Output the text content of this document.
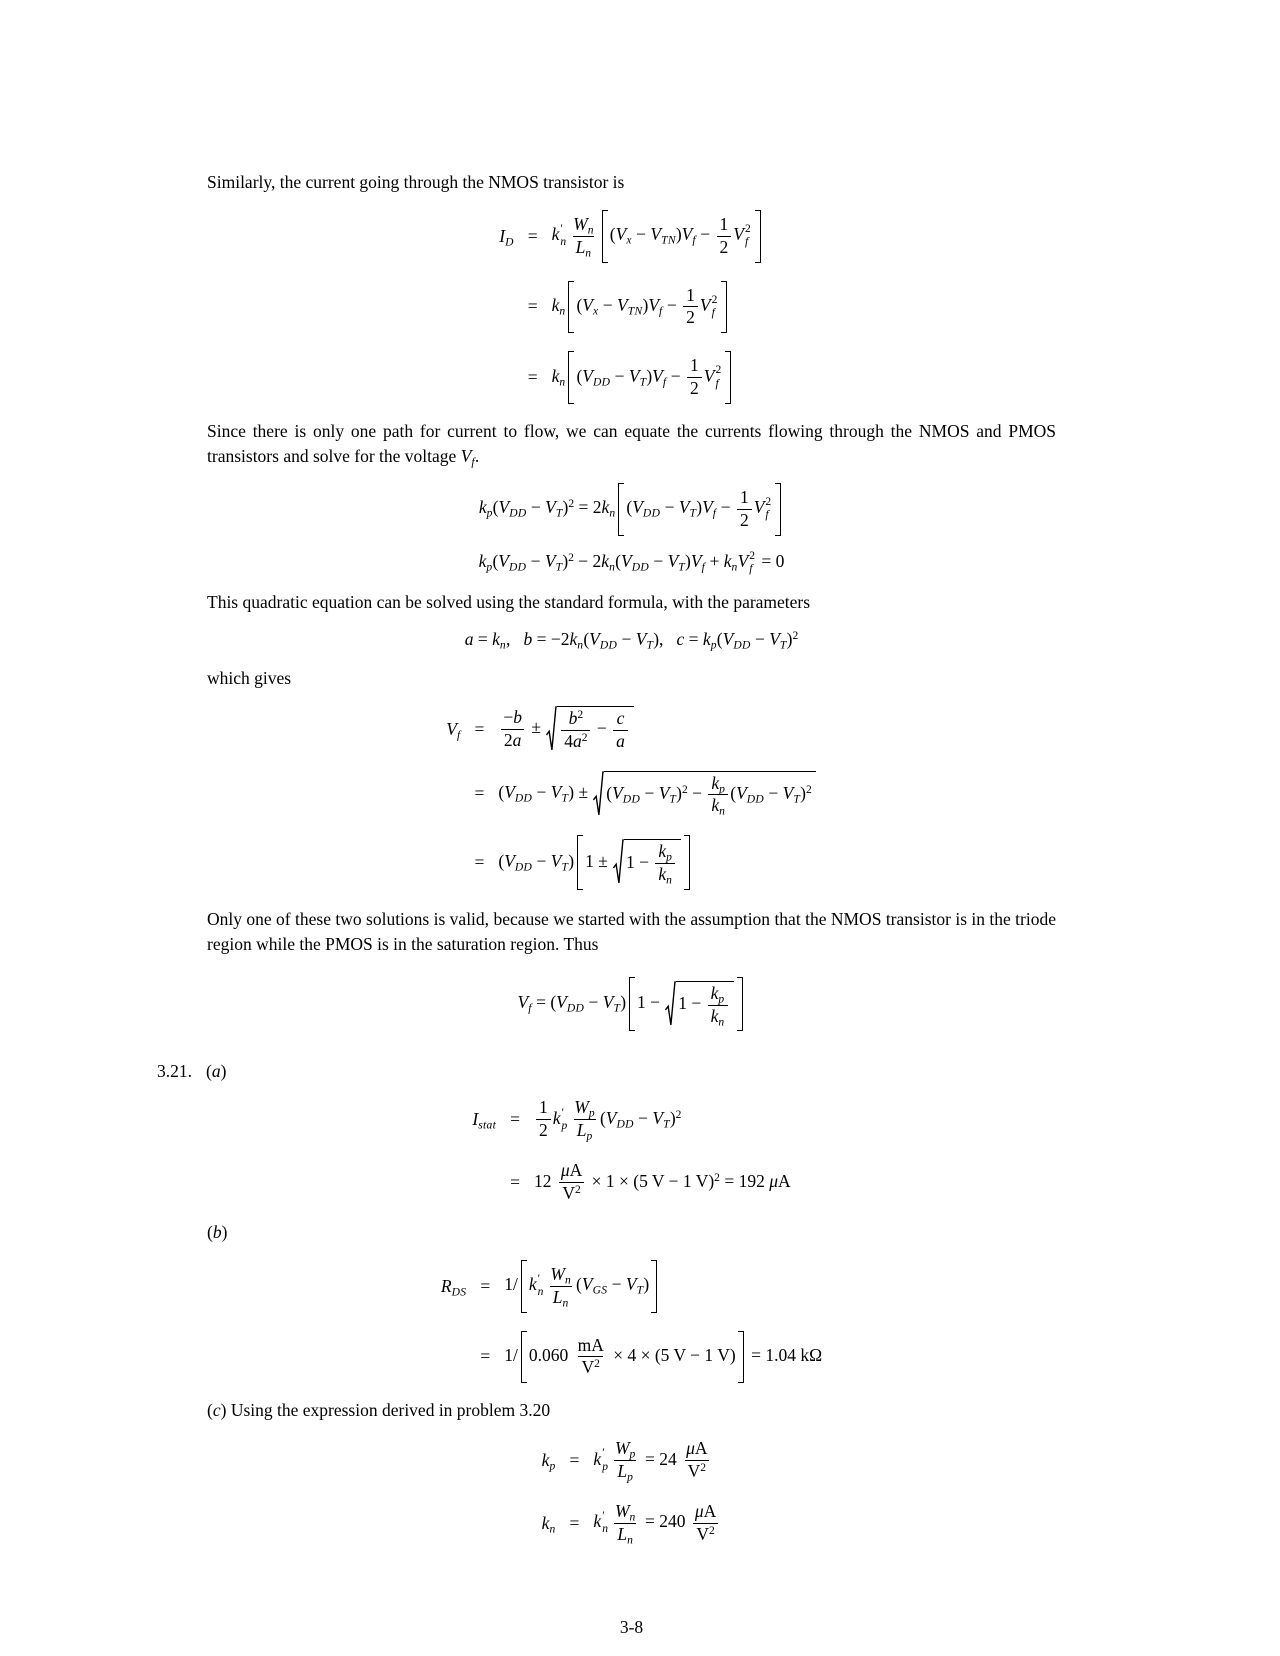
Similarly, the current going through the NMOS transistor is

$I_D$	=	k ′
n $\frac{W_n}{L_n} (V_x - V_{TN})V_f - \frac{1}{2}$ V 2
f

	=	$k_n$ $(V_x - V_{TN})V_f - \frac{1}{2}$ V 2
f

	=	$k_n$ $(V_{DD} - V_T)V_f - \frac{1}{2}$ V 2
f

Since there is only one path for current to flow, we can equate the currents flowing through the NMOS and PMOS transistors and solve for the voltage $V_f$.

$k_p(V_{DD} - V_T)^2 = 2k_n$ $(V_{DD} - V_T)V_f - \frac{1}{2}$ V 2
f
$k_p(V_{DD} - V_T)^2 - 2k_n(V_{DD} - V_T)V_f + k_nV$ 2
f = 0

This quadratic equation can be solved using the standard formula, with the parameters

$a = k_n$,  $b = -2k_n(V_{DD} - V_T)$,  $c = k_p(V_{DD} - V_T)^2$

which gives

$V_f$	=	$\frac{-b}{2a} \pm \frac{b^2}{4a^2} - \frac{c}{a}$

	=	$(V_{DD} - V_T) \pm (V_{DD} - V_T)^2 - \frac{k_p}{k_n} (V_{DD} - V_T)^2$

	=	$(V_{DD} - V_T) 1 \pm 1 - \frac{k_p}{k_n}$

Only one of these two solutions is valid, because we started with the assumption that the NMOS transistor is in the triode region while the PMOS is in the saturation region. Thus

$V_f = (V_{DD} - V_T) 1 - 1 - \frac{k_p}{k_n}$
3.21. (a)
$I_{stat}$	=	$\frac{1}{2}$ k ′
p $\frac{W_p}{L_p} (V_{DD} - V_T)^2$
	=	$12 \frac{\mu A}{V^2} \times 1 \times (5$ V − 1 V)$^2$ = 192 μA

(b)

$R_{DS}$	=	1/ k ′
n $\frac{W_n}{L_n} (V_{GS} - V_T)$

	=	1/ $0.060 \frac{mA}{V^2} \times 4 \times (5$ V − 1 V) = 1.04 kΩ

(c) Using the expression derived in problem 3.20

$k_p$	=	k ′
p $\frac{W_p}{L_p} = 24 \frac{\mu A}{V^2}$

$k_n$	=	k ′
n $\frac{W_n}{L_n} = 240 \frac{\mu A}{V^2}$
3-8
